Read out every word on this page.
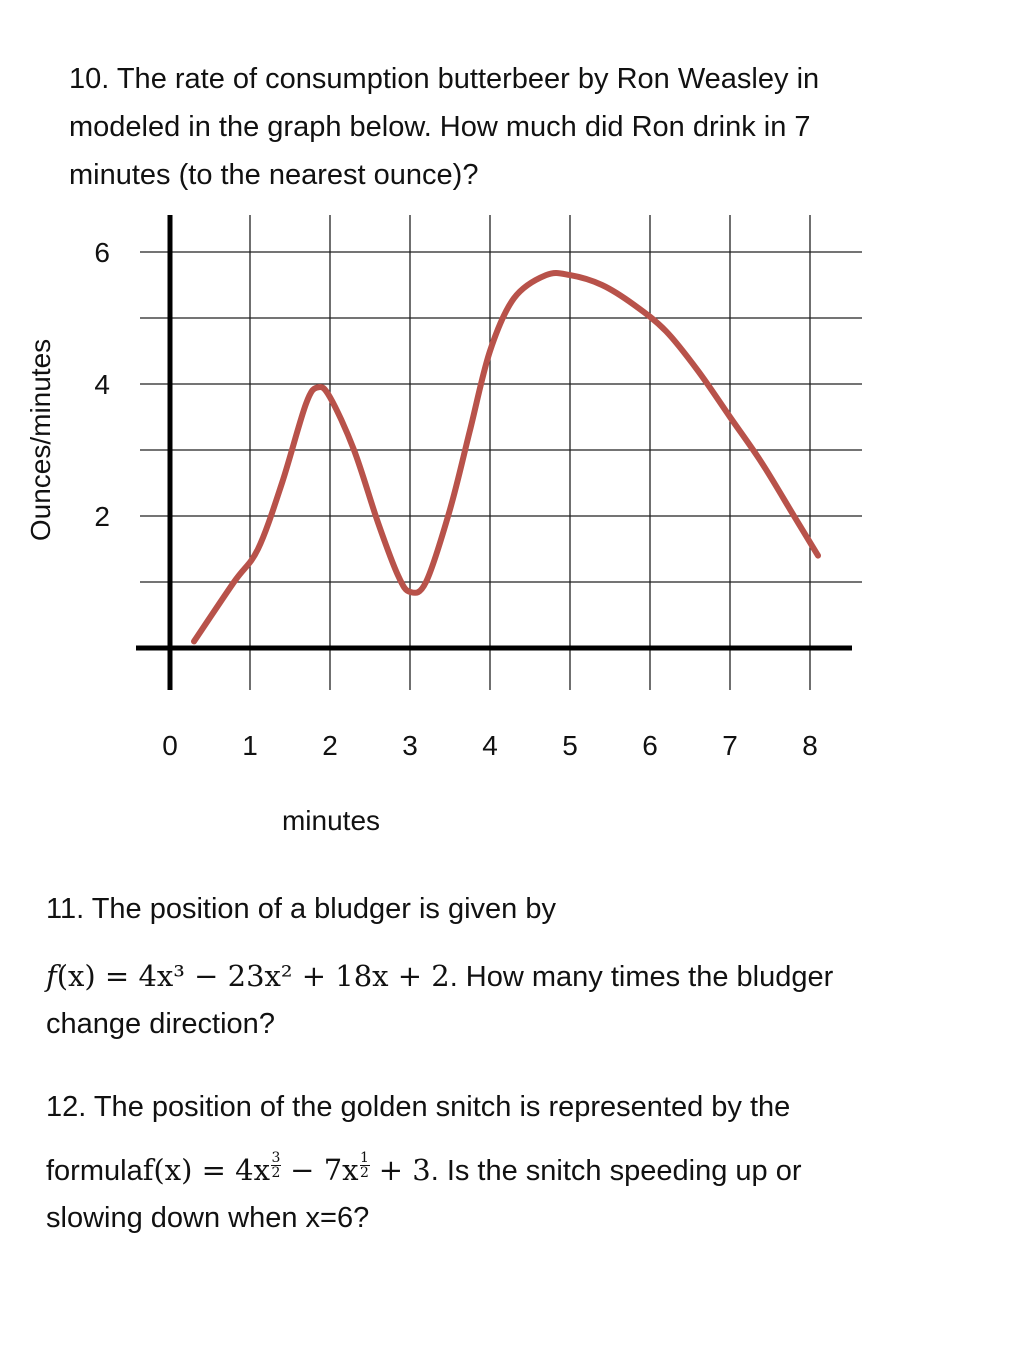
10. The rate of consumption butterbeer by Ron Weasley in

modeled in the graph below. How much did Ron drink in 7

minutes (to the nearest ounce)?

0 1 2 3 4 5 6 7 8
2
4
6
minutes
Ounces/minutes

11. The position of a bludger is given by

f(x) = 4x³ − 23x² + 18x + 2. How many times the bludger

change direction?

12. The position of the golden snitch is represented by the

formulaf(x) = $4x \frac{3}{2} - 7x \frac{1}{2} + 3$. Is the snitch speeding up or

slowing down when x=6?
